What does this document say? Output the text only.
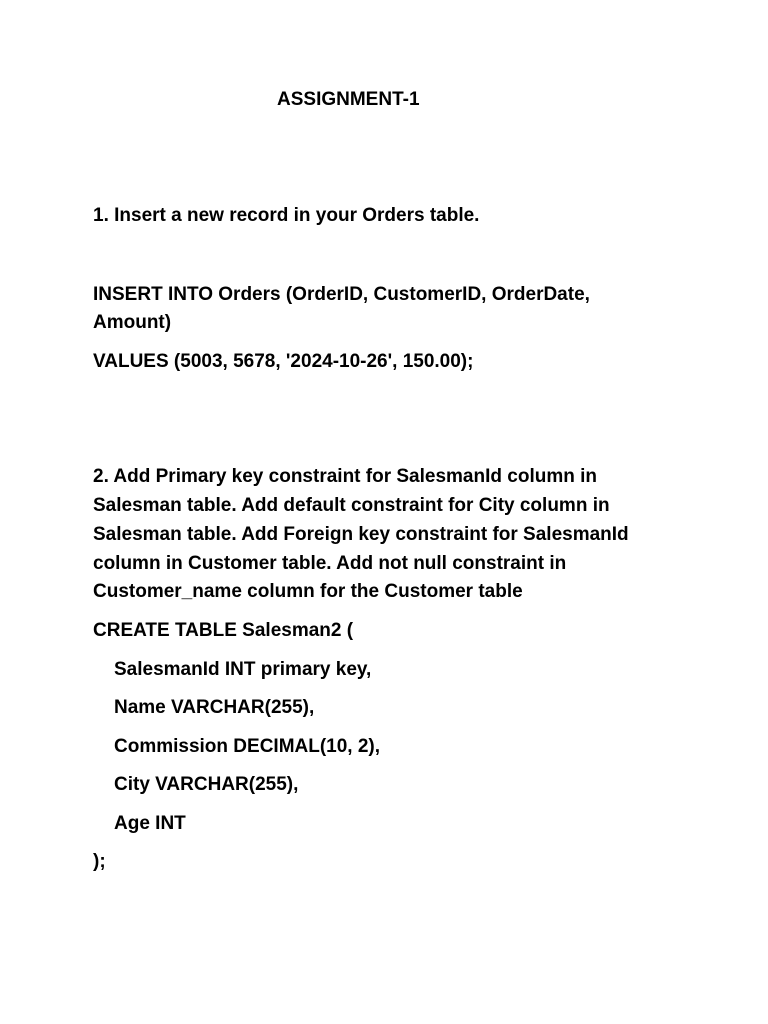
ASSIGNMENT-1

1. Insert a new record in your Orders table.

INSERT INTO Orders (OrderID, CustomerID, OrderDate,

Amount)

VALUES (5003, 5678, '2024-10-26', 150.00);

2. Add Primary key constraint for SalesmanId column in

Salesman table. Add default constraint for City column in

Salesman table. Add Foreign key constraint for SalesmanId

column in Customer table. Add not null constraint in

Customer_name column for the Customer table

CREATE TABLE Salesman2 (

SalesmanId INT primary key,

Name VARCHAR(255),

Commission DECIMAL(10, 2),

City VARCHAR(255),

Age INT

);
